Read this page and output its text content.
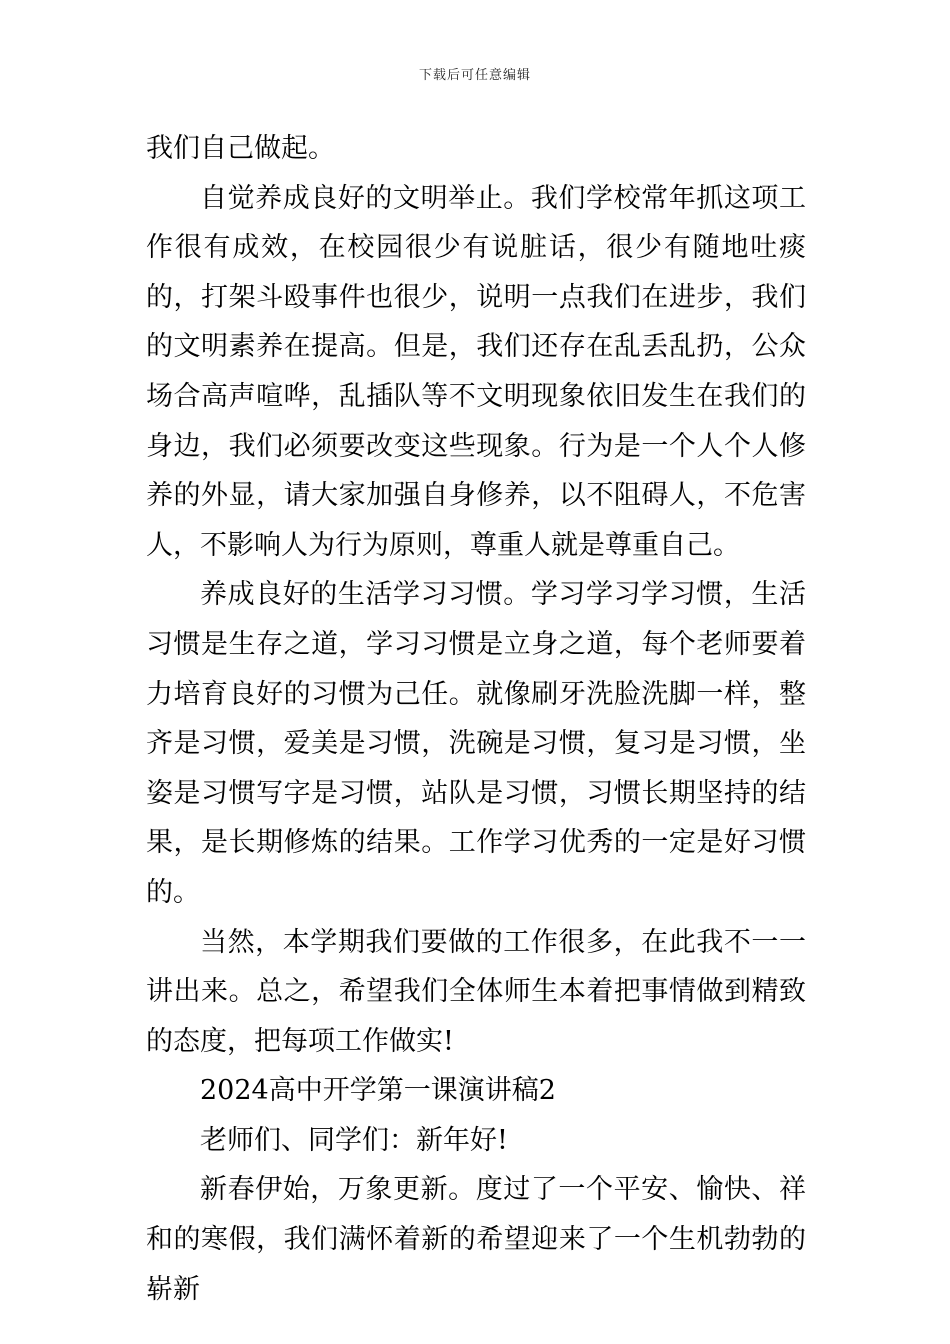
下载后可任意编辑

我们自己做起。

自觉养成良好的文明举止。我们学校常年抓这项工作很有成效，在校园很少有说脏话，很少有随地吐痰的，打架斗殴事件也很少，说明一点我们在进步，我们的文明素养在提高。但是，我们还存在乱丢乱扔，公众场合高声喧哗，乱插队等不文明现象依旧发生在我们的身边，我们必须要改变这些现象。行为是一个人个人修养的外显，请大家加强自身修养，以不阻碍人，不危害人，不影响人为行为原则，尊重人就是尊重自己。

养成良好的生活学习习惯。学习学习学习惯，生活习惯是生存之道，学习习惯是立身之道，每个老师要着力培育良好的习惯为己任。就像刷牙洗脸洗脚一样，整齐是习惯，爱美是习惯，洗碗是习惯，复习是习惯，坐姿是习惯写字是习惯，站队是习惯，习惯长期坚持的结果，是长期修炼的结果。工作学习优秀的一定是好习惯的。

当然，本学期我们要做的工作很多，在此我不一一讲出来。总之，希望我们全体师生本着把事情做到精致的态度，把每项工作做实!

2024高中开学第一课演讲稿2

老师们、同学们：新年好!

新春伊始，万象更新。度过了一个平安、愉快、祥和的寒假，我们满怀着新的希望迎来了一个生机勃勃的崭新
